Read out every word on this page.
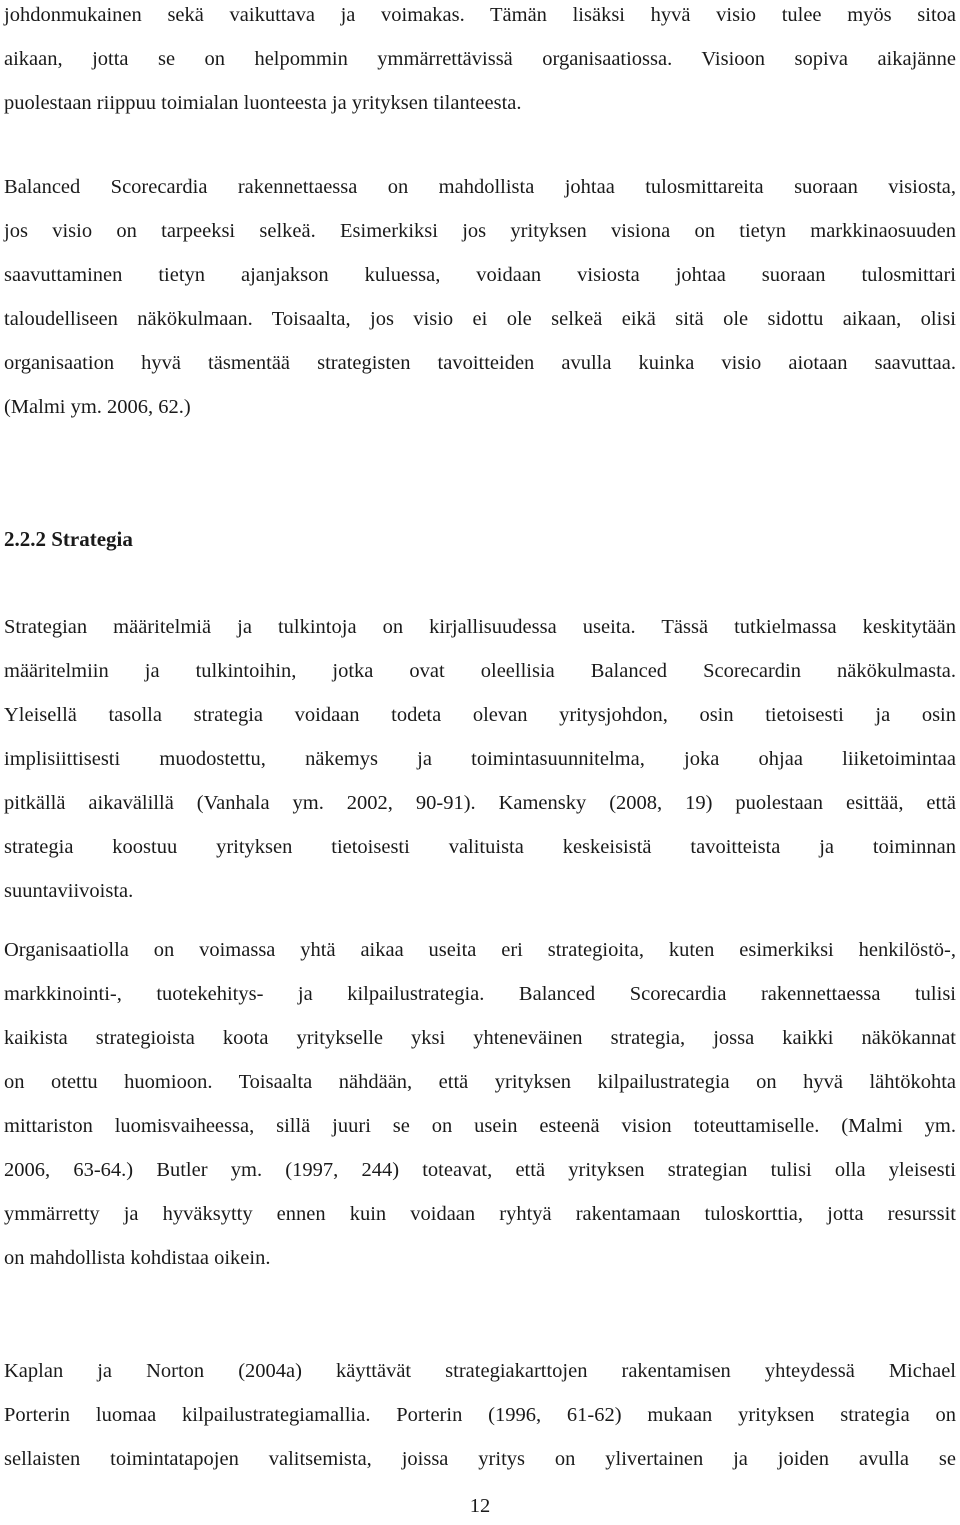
johdonmukainen sekä vaikuttava ja voimakas. Tämän lisäksi hyvä visio tulee myös sitoa
aikaan, jotta se on helpommin ymmärrettävissä organisaatiossa. Visioon sopiva aikajänne
puolestaan riippuu toimialan luonteesta ja yrityksen tilanteesta.
Balanced Scorecardia rakennettaessa on mahdollista johtaa tulosmittareita suoraan visiosta,
jos visio on tarpeeksi selkeä. Esimerkiksi jos yrityksen visiona on tietyn markkinaosuuden
saavuttaminen tietyn ajanjakson kuluessa, voidaan visiosta johtaa suoraan tulosmittari
taloudelliseen näkökulmaan. Toisaalta, jos visio ei ole selkeä eikä sitä ole sidottu aikaan, olisi
organisaation hyvä täsmentää strategisten tavoitteiden avulla kuinka visio aiotaan saavuttaa.
(Malmi ym. 2006, 62.)
2.2.2 Strategia
Strategian määritelmiä ja tulkintoja on kirjallisuudessa useita. Tässä tutkielmassa keskitytään
määritelmiin ja tulkintoihin, jotka ovat oleellisia Balanced Scorecardin näkökulmasta.
Yleisellä tasolla strategia voidaan todeta olevan yritysjohdon, osin tietoisesti ja osin
implisiittisesti muodostettu, näkemys ja toimintasuunnitelma, joka ohjaa liiketoimintaa
pitkällä aikavälillä (Vanhala ym. 2002, 90-91). Kamensky (2008, 19) puolestaan esittää, että
strategia koostuu yrityksen tietoisesti valituista keskeisistä tavoitteista ja toiminnan
suuntaviivoista.
Organisaatiolla on voimassa yhtä aikaa useita eri strategioita, kuten esimerkiksi henkilöstö-,
markkinointi-, tuotekehitys- ja kilpailustrategia. Balanced Scorecardia rakennettaessa tulisi
kaikista strategioista koota yritykselle yksi yhteneväinen strategia, jossa kaikki näkökannat
on otettu huomioon. Toisaalta nähdään, että yrityksen kilpailustrategia on hyvä lähtökohta
mittariston luomisvaiheessa, sillä juuri se on usein esteenä vision toteuttamiselle. (Malmi ym.
2006, 63-64.) Butler ym. (1997, 244) toteavat, että yrityksen strategian tulisi olla yleisesti
ymmärretty ja hyväksytty ennen kuin voidaan ryhtyä rakentamaan tuloskorttia, jotta resurssit
on mahdollista kohdistaa oikein.
Kaplan ja Norton (2004a) käyttävät strategiakarttojen rakentamisen yhteydessä Michael
Porterin luomaa kilpailustrategiamallia. Porterin (1996, 61-62) mukaan yrityksen strategia on
sellaisten toimintatapojen valitsemista, joissa yritys on ylivertainen ja joiden avulla se
12
